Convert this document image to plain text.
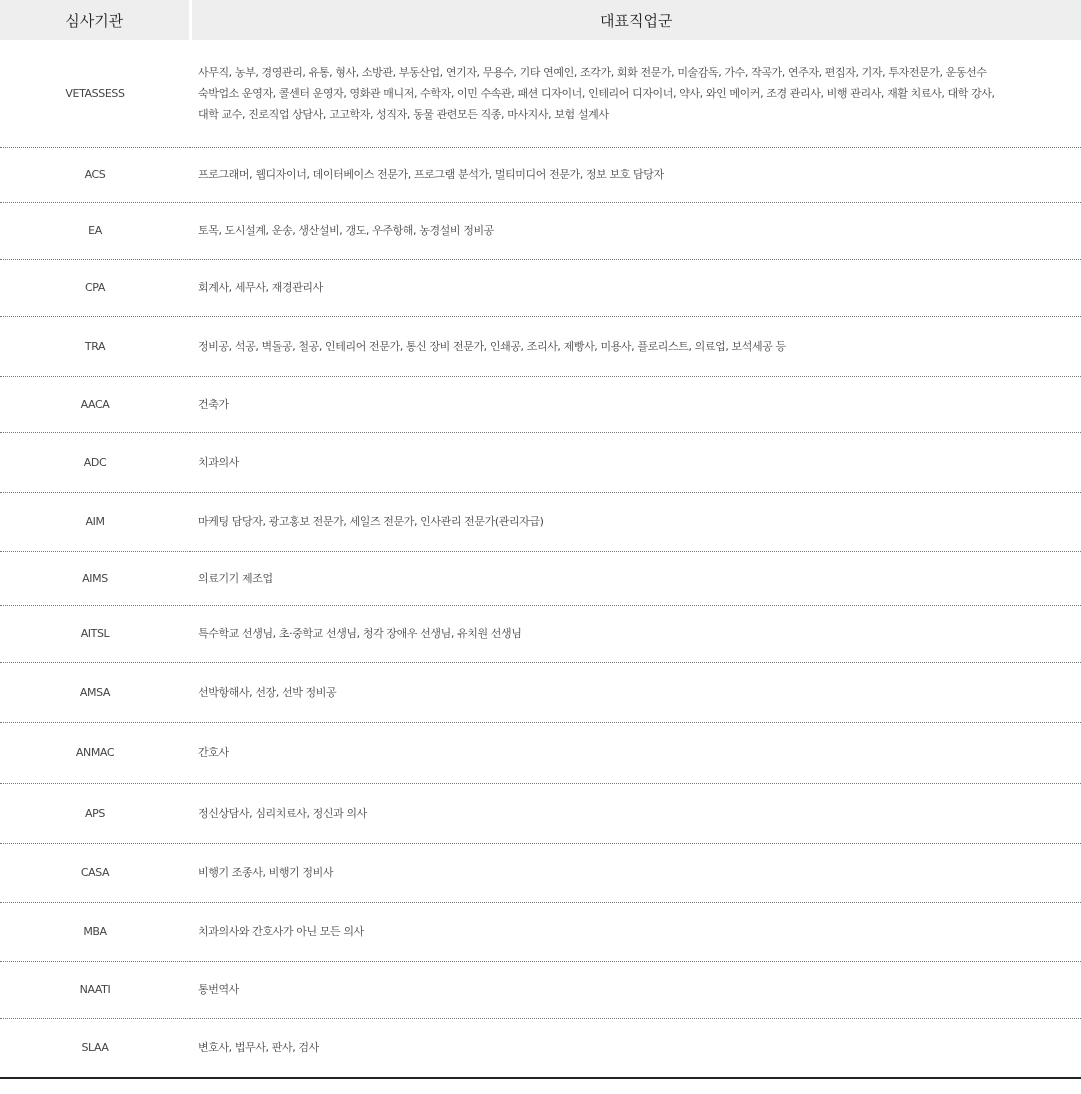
심사기관	대표직업군
VETASSESS	사무직, 농부, 경영관리, 유통, 형사, 소방관, 부동산업, 연기자, 무용수, 기타 연예인, 조각가, 회화 전문가, 미술감독, 가수, 작곡가, 연주자, 편집자, 기자, 투자전문가, 운동선수
숙박업소 운영자, 콜센터 운영자, 영화관 매니저, 수학자, 이민 수속관, 패션 디자이너, 인테리어 디자이너, 약사, 와인 메이커, 조경 관리사, 비행 관리사, 재활 치료사, 대학 강사,
대학 교수, 진로직업 상담사, 고고학자, 성직자, 동물 관련모든 직종, 마사지사, 보험 설계사

ACS	프로그래머, 웹디자이너, 데이터베이스 전문가, 프로그램 분석가, 멀티미디어 전문가, 정보 보호 담당자
EA	토목, 도시설계, 운송, 생산설비, 갱도, 우주항해, 농경설비 정비공
CPA	회계사, 세무사, 재경관리사
TRA	정비공, 석공, 벽돌공, 철공, 인테리어 전문가, 통신 장비 전문가, 인쇄공, 조리사, 제빵사, 미용사, 플로리스트, 의료업, 보석세공 등
AACA	건축가
ADC	치과의사
AIM	마케팅 담당자, 광고홍보 전문가, 세일즈 전문가, 인사관리 전문가(관리자급)
AIMS	의료기기 제조업
AITSL	특수학교 선생님, 초·중학교 선생님, 청각 장애우 선생님, 유치원 선생님
AMSA	선박항해사, 선장, 선박 정비공
ANMAC	간호사
APS	정신상담사, 심리치료사, 정신과 의사
CASA	비행기 조종사, 비행기 정비사
MBA	치과의사와 간호사가 아닌 모든 의사
NAATI	통번역사
SLAA	변호사, 법무사, 판사, 검사
